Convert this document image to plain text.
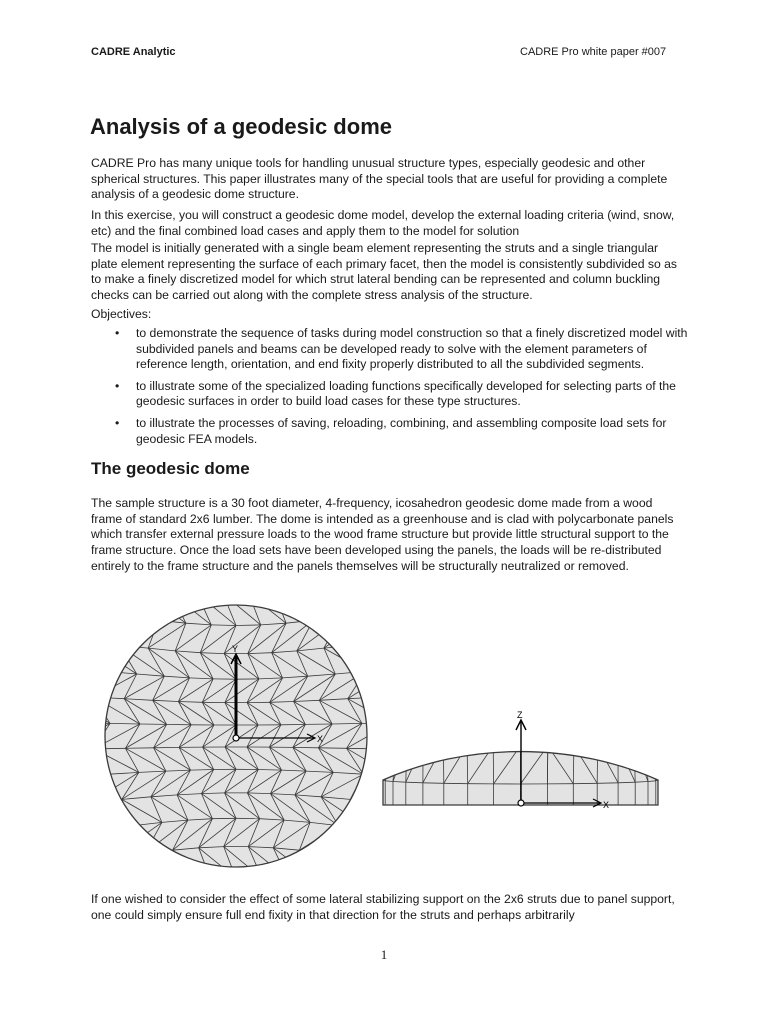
CADRE Analytic	CADRE Pro white paper #007
Analysis of a geodesic dome

CADRE Pro has many unique tools for handling unusual structure types, especially geodesic and other spherical structures. This paper illustrates many of the special tools that are useful for providing a complete analysis of a geodesic dome structure.

In this exercise, you will construct a geodesic dome model, develop the external loading criteria (wind, snow, etc) and the final combined load cases and apply them to the model for solution

The model is initially generated with a single beam element representing the struts and a single triangular plate element representing the surface of each primary facet, then the model is consistently subdivided so as to make a finely discretized model for which strut lateral bending can be represented and column buckling checks can be carried out along with the complete stress analysis of the structure.

Objectives:

• to demonstrate the sequence of tasks during model construction so that a finely discretized model with subdivided panels and beams can be developed ready to solve with the element parameters of reference length, orientation, and end fixity properly distributed to all the subdivided segments.
• to illustrate some of the specialized loading functions specifically developed for selecting parts of the geodesic surfaces in order to build load cases for these type structures.
• to illustrate the processes of saving, reloading, combining, and assembling composite load sets for geodesic FEA models.
The geodesic dome

The sample structure is a 30 foot diameter, 4-frequency, icosahedron geodesic dome made from a wood frame of standard 2x6 lumber. The dome is intended as a greenhouse and is clad with polycarbonate panels which transfer external pressure loads to the wood frame structure but provide little structural support to the frame structure. Once the load sets have been developed using the panels, the loads will be re-distributed entirely to the frame structure and the panels themselves will be structurally neutralized or removed.

X
Y
X
Z

If one wished to consider the effect of some lateral stabilizing support on the 2x6 struts due to panel support, one could simply ensure full end fixity in that direction for the struts and perhaps arbitrarily

1
